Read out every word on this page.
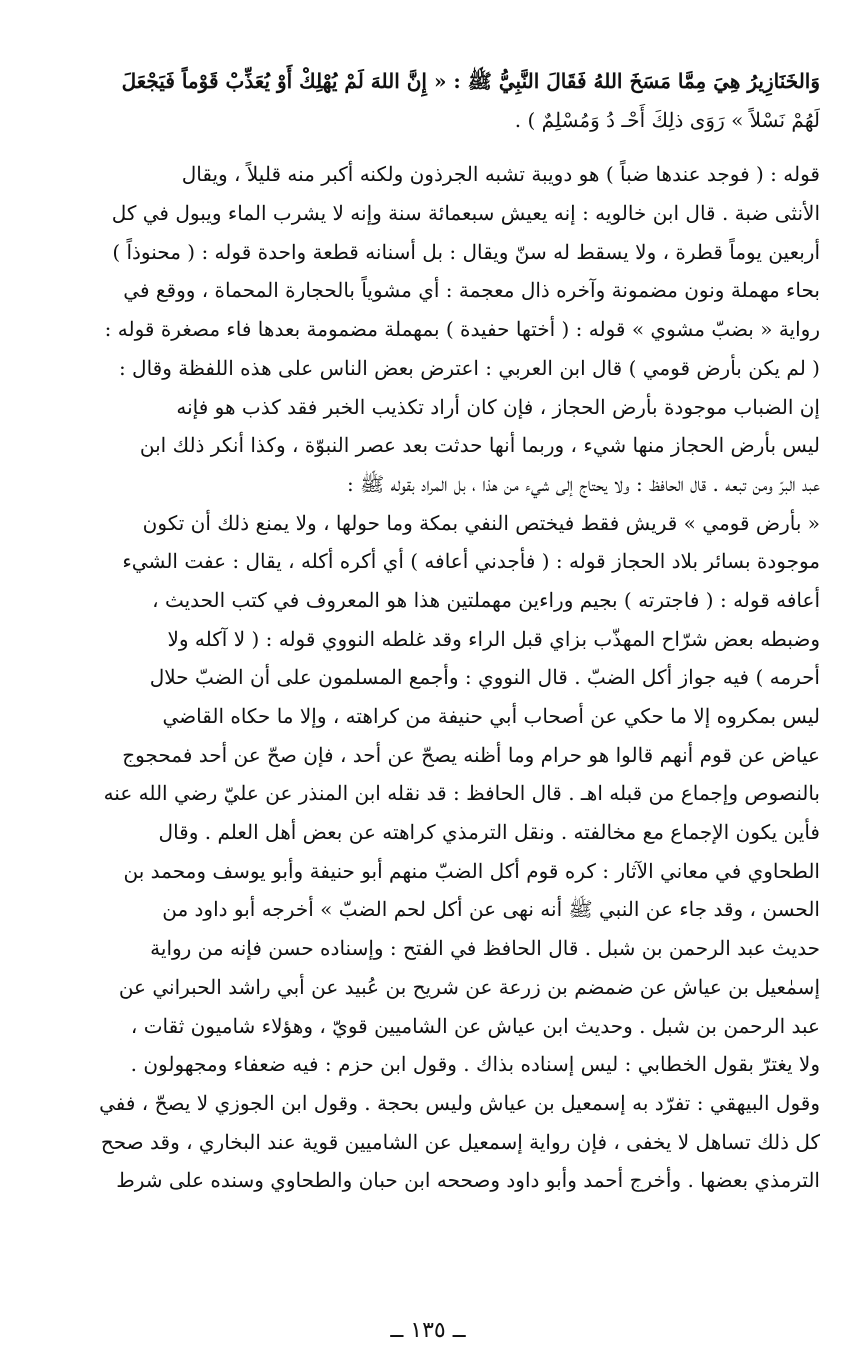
وَالخَنَازِيرُ هِيَ مِمَّا مَسَخَ اللهُ فَقَالَ النَّبِيُّ ﷺ : « إِنَّ اللهَ لَمْ يُهْلِكْ أَوْ يُعَذِّبْ قَوْماً فَيَجْعَلَ
لَهُمْ نَسْلاً » رَوَى ذلِكَ أَحْـ دُ وَمُسْلِمٌ ) .
قوله : ( فوجد عندها ضباً ) هو دويبة تشبه الجرذون ولكنه أكبر منه قليلاً ، ويقال
الأنثى ضبة . قال ابن خالويه : إنه يعيش سبعمائة سنة وإنه لا يشرب الماء ويبول في كل
أربعين يوماً قطرة ، ولا يسقط له سنّ ويقال : بل أسنانه قطعة واحدة قوله : ( محنوذاً )
بحاء مهملة ونون مضمونة وآخره ذال معجمة : أي مشوياً بالحجارة المحماة ، ووقع في
رواية « بضبّ مشوي » قوله : ( أختها حفيدة ) بمهملة مضمومة بعدها فاء مصغرة قوله :
( لم يكن بأرض قومي ) قال ابن العربي : اعترض بعض الناس على هذه اللفظة وقال :
إن الضباب موجودة بأرض الحجاز ، فإن كان أراد تكذيب الخبر فقد كذب هو فإنه
ليس بأرض الحجاز منها شيء ، وربما أنها حدثت بعد عصر النبوّة ، وكذا أنكر ذلك ابن
عبد البرّ ومن تبعه . قال الحافظ : ولا يحتاج إلى شيء من هذا ، بل المراد بقوله ﷺ :
« بأرض قومي » قريش فقط فيختص النفي بمكة وما حولها ، ولا يمنع ذلك أن تكون
موجودة بسائر بلاد الحجاز قوله : ( فأجدني أعافه ) أي أكره أكله ، يقال : عفت الشيء
أعافه قوله : ( فاجترته ) بجيم وراءين مهملتين هذا هو المعروف في كتب الحديث ،
وضبطه بعض شرّاح المهذّب بزاي قبل الراء وقد غلطه النووي قوله : ( لا آكله ولا
أحرمه ) فيه جواز أكل الضبّ . قال النووي : وأجمع المسلمون على أن الضبّ حلال
ليس بمكروه إلا ما حكي عن أصحاب أبي حنيفة من كراهته ، وإلا ما حكاه القاضي
عياض عن قوم أنهم قالوا هو حرام وما أظنه يصحّ عن أحد ، فإن صحّ عن أحد فمحجوج
بالنصوص وإجماع من قبله اهـ . قال الحافظ : قد نقله ابن المنذر عن عليّ رضي الله عنه
فأين يكون الإجماع مع مخالفته . ونقل الترمذي كراهته عن بعض أهل العلم . وقال
الطحاوي في معاني الآثار : كره قوم أكل الضبّ منهم أبو حنيفة وأبو يوسف ومحمد بن
الحسن ، وقد جاء عن النبي ﷺ أنه نهى عن أكل لحم الضبّ » أخرجه أبو داود من
حديث عبد الرحمن بن شبل . قال الحافظ في الفتح : وإسناده حسن فإنه من رواية
إسمٰعيل بن عياش عن ضمضم بن زرعة عن شريح بن عُبيد عن أبي راشد الحبراني عن
عبد الرحمن بن شبل . وحديث ابن عياش عن الشاميين قويّ ، وهؤلاء شاميون ثقات ،
ولا يغترّ بقول الخطابي : ليس إسناده بذاك . وقول ابن حزم : فيه ضعفاء ومجهولون .
وقول البيهقي : تفرّد به إسمعيل بن عياش وليس بحجة . وقول ابن الجوزي لا يصحّ ، ففي
كل ذلك تساهل لا يخفى ، فإن رواية إسمعيل عن الشاميين قوية عند البخاري ، وقد صحح
الترمذي بعضها . وأخرج أحمد وأبو داود وصححه ابن حبان والطحاوي وسنده على شرط
ــ ١٣٥ ــ
